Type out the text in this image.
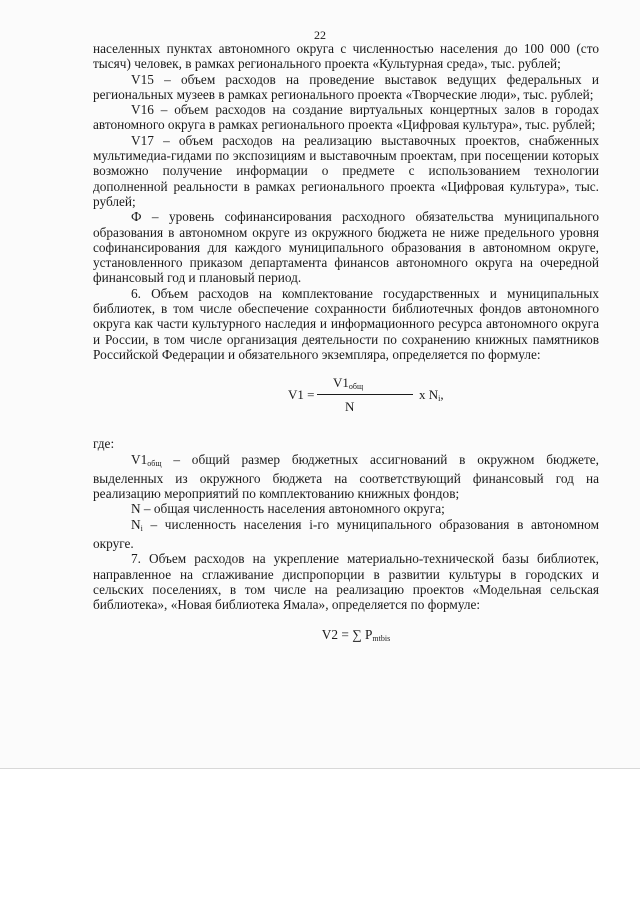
22

населенных пунктах автономного округа с численностью населения до 100 000 (сто тысяч) человек, в рамках регионального проекта «Культурная среда», тыс. рублей;

V15 – объем расходов на проведение выставок ведущих федеральных и региональных музеев в рамках регионального проекта «Творческие люди», тыс. рублей;

V16 – объем расходов на создание виртуальных концертных залов в городах автономного округа в рамках регионального проекта «Цифровая культура», тыс. рублей;

V17 – объем расходов на реализацию выставочных проектов, снабженных мультимедиа-гидами по экспозициям и выставочным проектам, при посещении которых возможно получение информации о предмете с использованием технологии дополненной реальности в рамках регионального проекта «Цифровая культура», тыс. рублей;

Ф – уровень софинансирования расходного обязательства муниципального образования в автономном округе из окружного бюджета не ниже предельного уровня софинансирования для каждого муниципального образования в автономном округе, установленного приказом департамента финансов автономного округа на очередной финансовый год и плановый период.

6. Объем расходов на комплектование государственных и муниципальных библиотек, в том числе обеспечение сохранности библиотечных фондов автономного округа как части культурного наследия и информационного ресурса автономного округа и России, в том числе организация деятельности по сохранению книжных памятников Российской Федерации и обязательного экземпляра, определяется по формуле:

V1 =
$V1_{общ}$
N
x $N_i$,

где:

$V1_{общ}$ – общий размер бюджетных ассигнований в окружном бюджете, выделенных из окружного бюджета на соответствующий финансовый год на реализацию мероприятий по комплектованию книжных фондов;

N – общая численность населения автономного округа;

$N_i$ – численность населения i-го муниципального образования в автономном округе.

7. Объем расходов на укрепление материально-технической базы библиотек, направленное на сглаживание диспропорции в развитии культуры в городских и сельских поселениях, в том числе на реализацию проектов «Модельная сельская библиотека», «Новая библиотека Ямала», определяется по формуле:

V2 = ∑ $P_{mtbis}$
